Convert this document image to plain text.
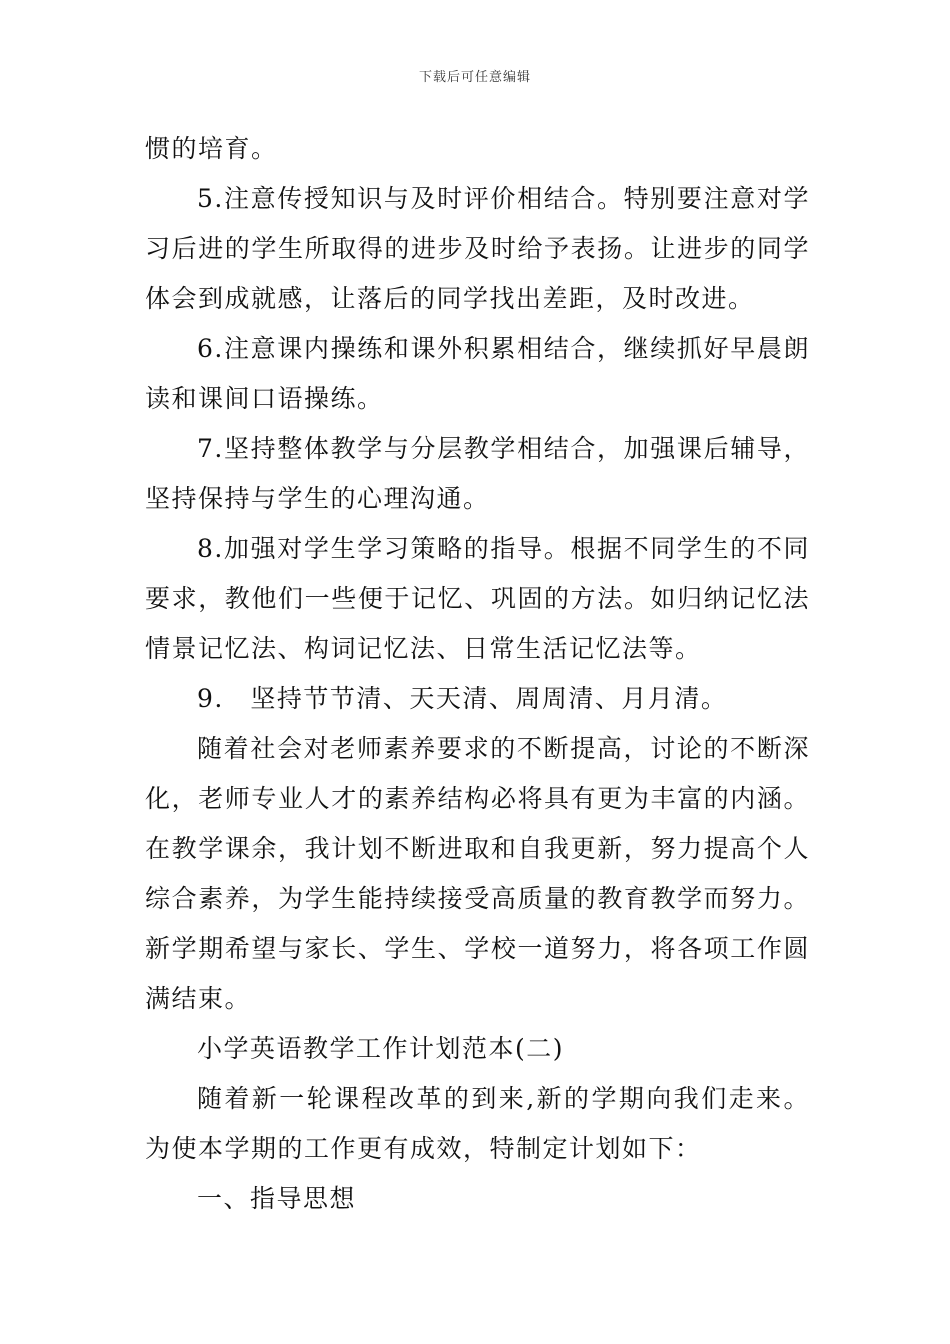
下载后可任意编辑

惯的培育。

5.注意传授知识与及时评价相结合。特别要注意对学习后进的学生所取得的进步及时给予表扬。让进步的同学体会到成就感，让落后的同学找出差距，及时改进。

6.注意课内操练和课外积累相结合，继续抓好早晨朗读和课间口语操练。

7.坚持整体教学与分层教学相结合，加强课后辅导，坚持保持与学生的心理沟通。

8.加强对学生学习策略的指导。根据不同学生的不同要求，教他们一些便于记忆、巩固的方法。如归纳记忆法情景记忆法、构词记忆法、日常生活记忆法等。

9.　坚持节节清、天天清、周周清、月月清。

随着社会对老师素养要求的不断提高，讨论的不断深化，老师专业人才的素养结构必将具有更为丰富的内涵。在教学课余，我计划不断进取和自我更新，努力提高个人综合素养，为学生能持续接受高质量的教育教学而努力。新学期希望与家长、学生、学校一道努力，将各项工作圆满结束。

小学英语教学工作计划范本(二)

随着新一轮课程改革的到来,新的学期向我们走来。为使本学期的工作更有成效，特制定计划如下：

一、指导思想
